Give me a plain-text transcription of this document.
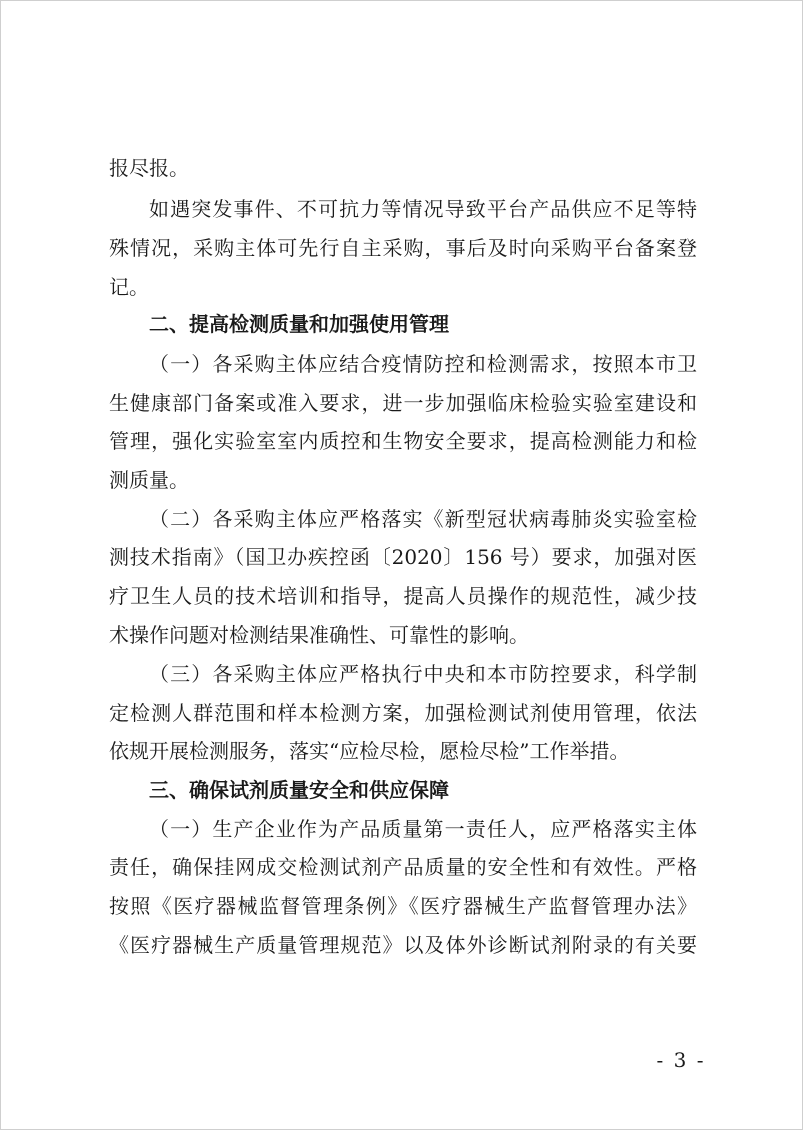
报尽报。
如遇突发事件、不可抗力等情况导致平台产品供应不足等特
殊情况，采购主体可先行自主采购，事后及时向采购平台备案登
记。
二、提高检测质量和加强使用管理
（一）各采购主体应结合疫情防控和检测需求，按照本市卫
生健康部门备案或准入要求，进一步加强临床检验实验室建设和
管理，强化实验室室内质控和生物安全要求，提高检测能力和检
测质量。
（二）各采购主体应严格落实《新型冠状病毒肺炎实验室检
测技术指南》（国卫办疾控函〔2020〕156 号）要求，加强对医
疗卫生人员的技术培训和指导，提高人员操作的规范性，减少技
术操作问题对检测结果准确性、可靠性的影响。
（三）各采购主体应严格执行中央和本市防控要求，科学制
定检测人群范围和样本检测方案，加强检测试剂使用管理，依法
依规开展检测服务，落实“应检尽检，愿检尽检”工作举措。
三、确保试剂质量安全和供应保障
（一）生产企业作为产品质量第一责任人，应严格落实主体
责任，确保挂网成交检测试剂产品质量的安全性和有效性。严格
按照《医疗器械监督管理条例》《医疗器械生产监督管理办法》
《医疗器械生产质量管理规范》以及体外诊断试剂附录的有关要
- 3 -
